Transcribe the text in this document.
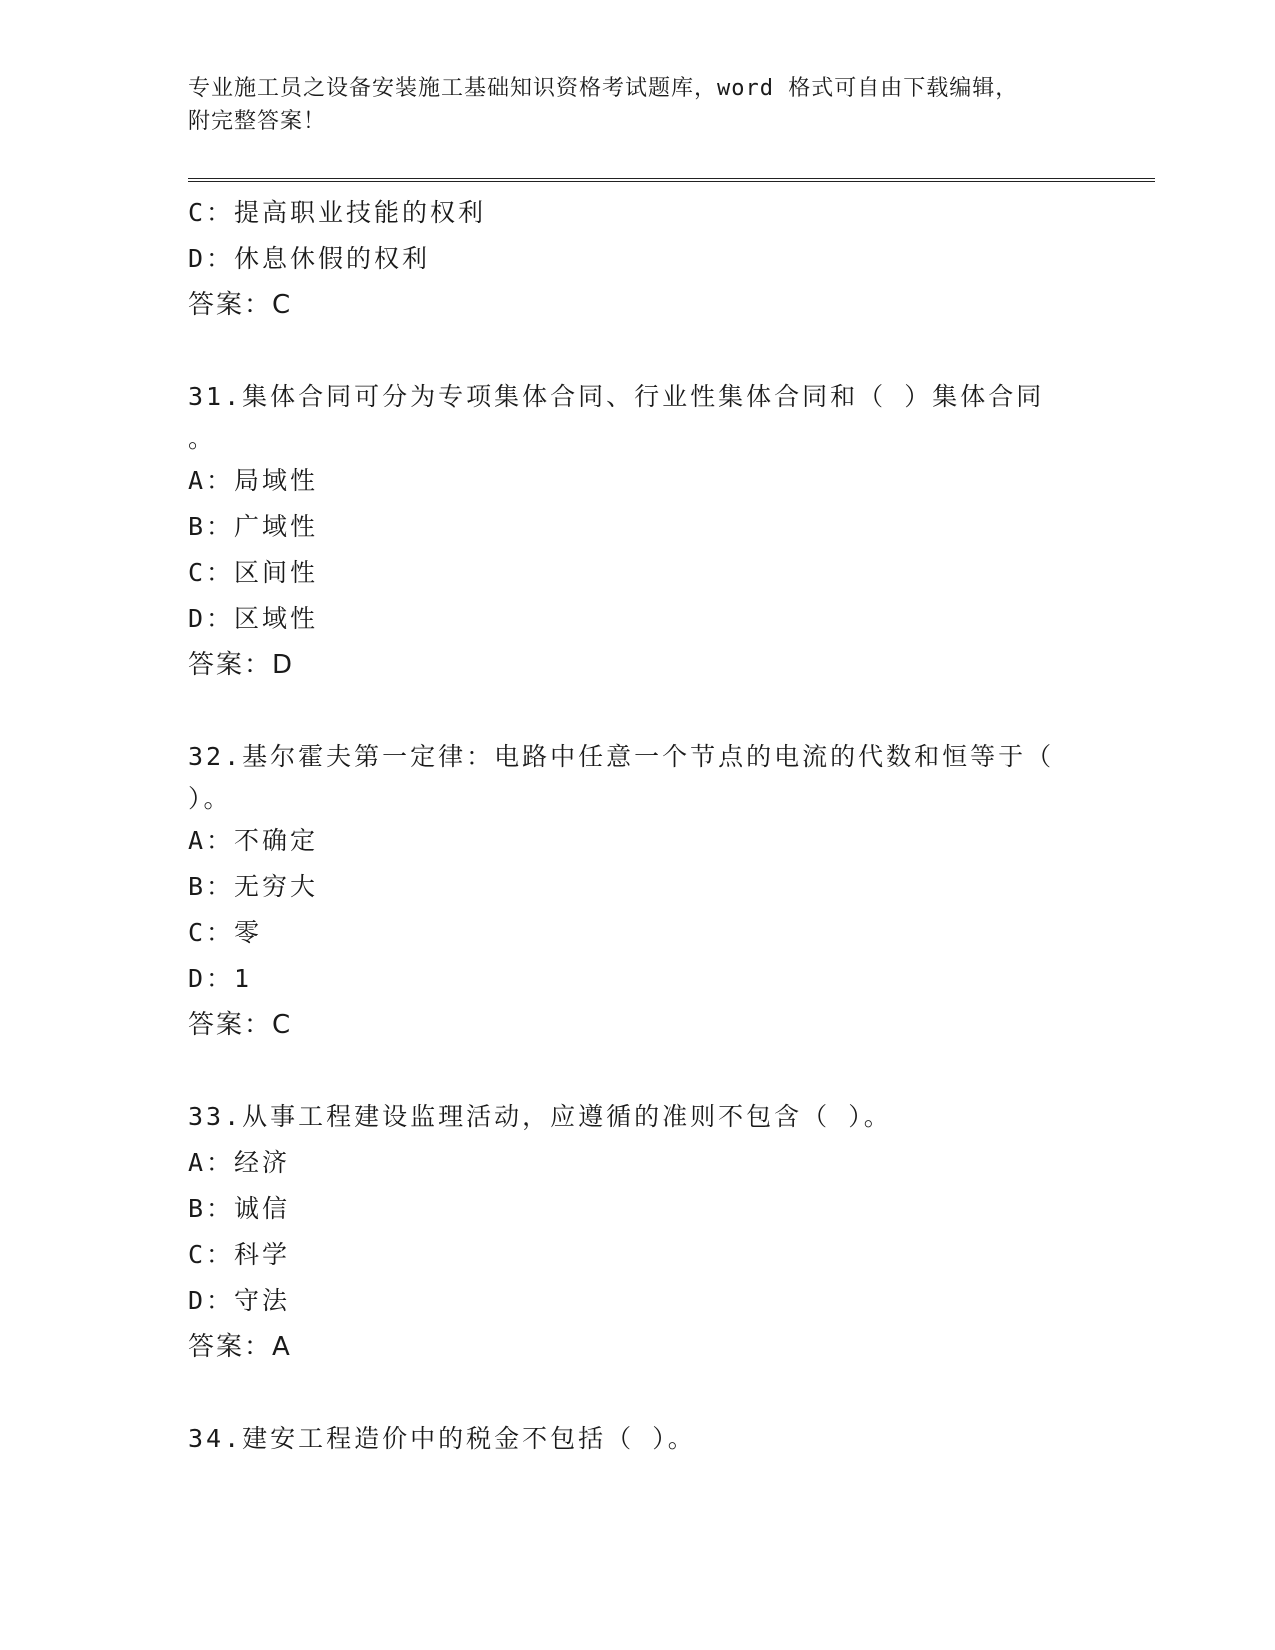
专业施工员之设备安装施工基础知识资格考试题库，word 格式可自由下载编辑，
附完整答案！
C：提高职业技能的权利
D：休息休假的权利
答案：C
31.集体合同可分为专项集体合同、行业性集体合同和（ ）集体合同
。
A：局域性
B：广域性
C：区间性
D：区域性
答案：D
32.基尔霍夫第一定律：电路中任意一个节点的电流的代数和恒等于（
）。
A：不确定
B：无穷大
C：零
D：1
答案：C
33.从事工程建设监理活动，应遵循的准则不包含（ ）。
A：经济
B：诚信
C：科学
D：守法
答案：A
34.建安工程造价中的税金不包括（ ）。
